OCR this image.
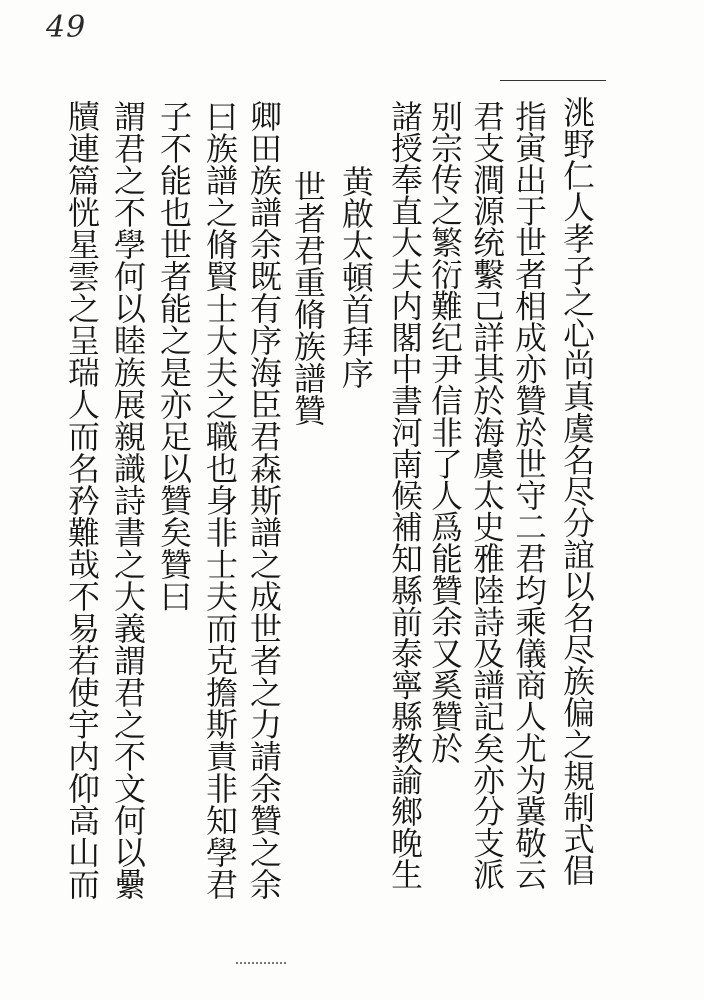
49
洮野仁人孝子之心尚真虞名尽分誼以名尽族偏之規制式倡
指寅出于世者相成亦贊於世守二君均乘儀商人尤为冀敬云
君支澗源统繫己詳其於海虞太史雅陸詩及譜記矣亦分支派
别宗传之繁衍難纪尹信非了人爲能贊余又奚贊於
諸授奉直大夫内閣中書河南候補知縣前泰寧縣教諭鄉晚生
黄啟太頓首拜序
世者君重脩族譜贊
卿田族譜余既有序海臣君森斯譜之成世者之力請余贊之余
曰族譜之脩賢士大夫之職也身非士夫而克擔斯責非知學君
子不能也世者能之是亦足以贊矣贊曰
謂君之不學何以睦族展親識詩書之大義謂君之不文何以纍
牘連篇恍星雲之呈瑞人而名矜難哉不易若使宇内仰高山而
